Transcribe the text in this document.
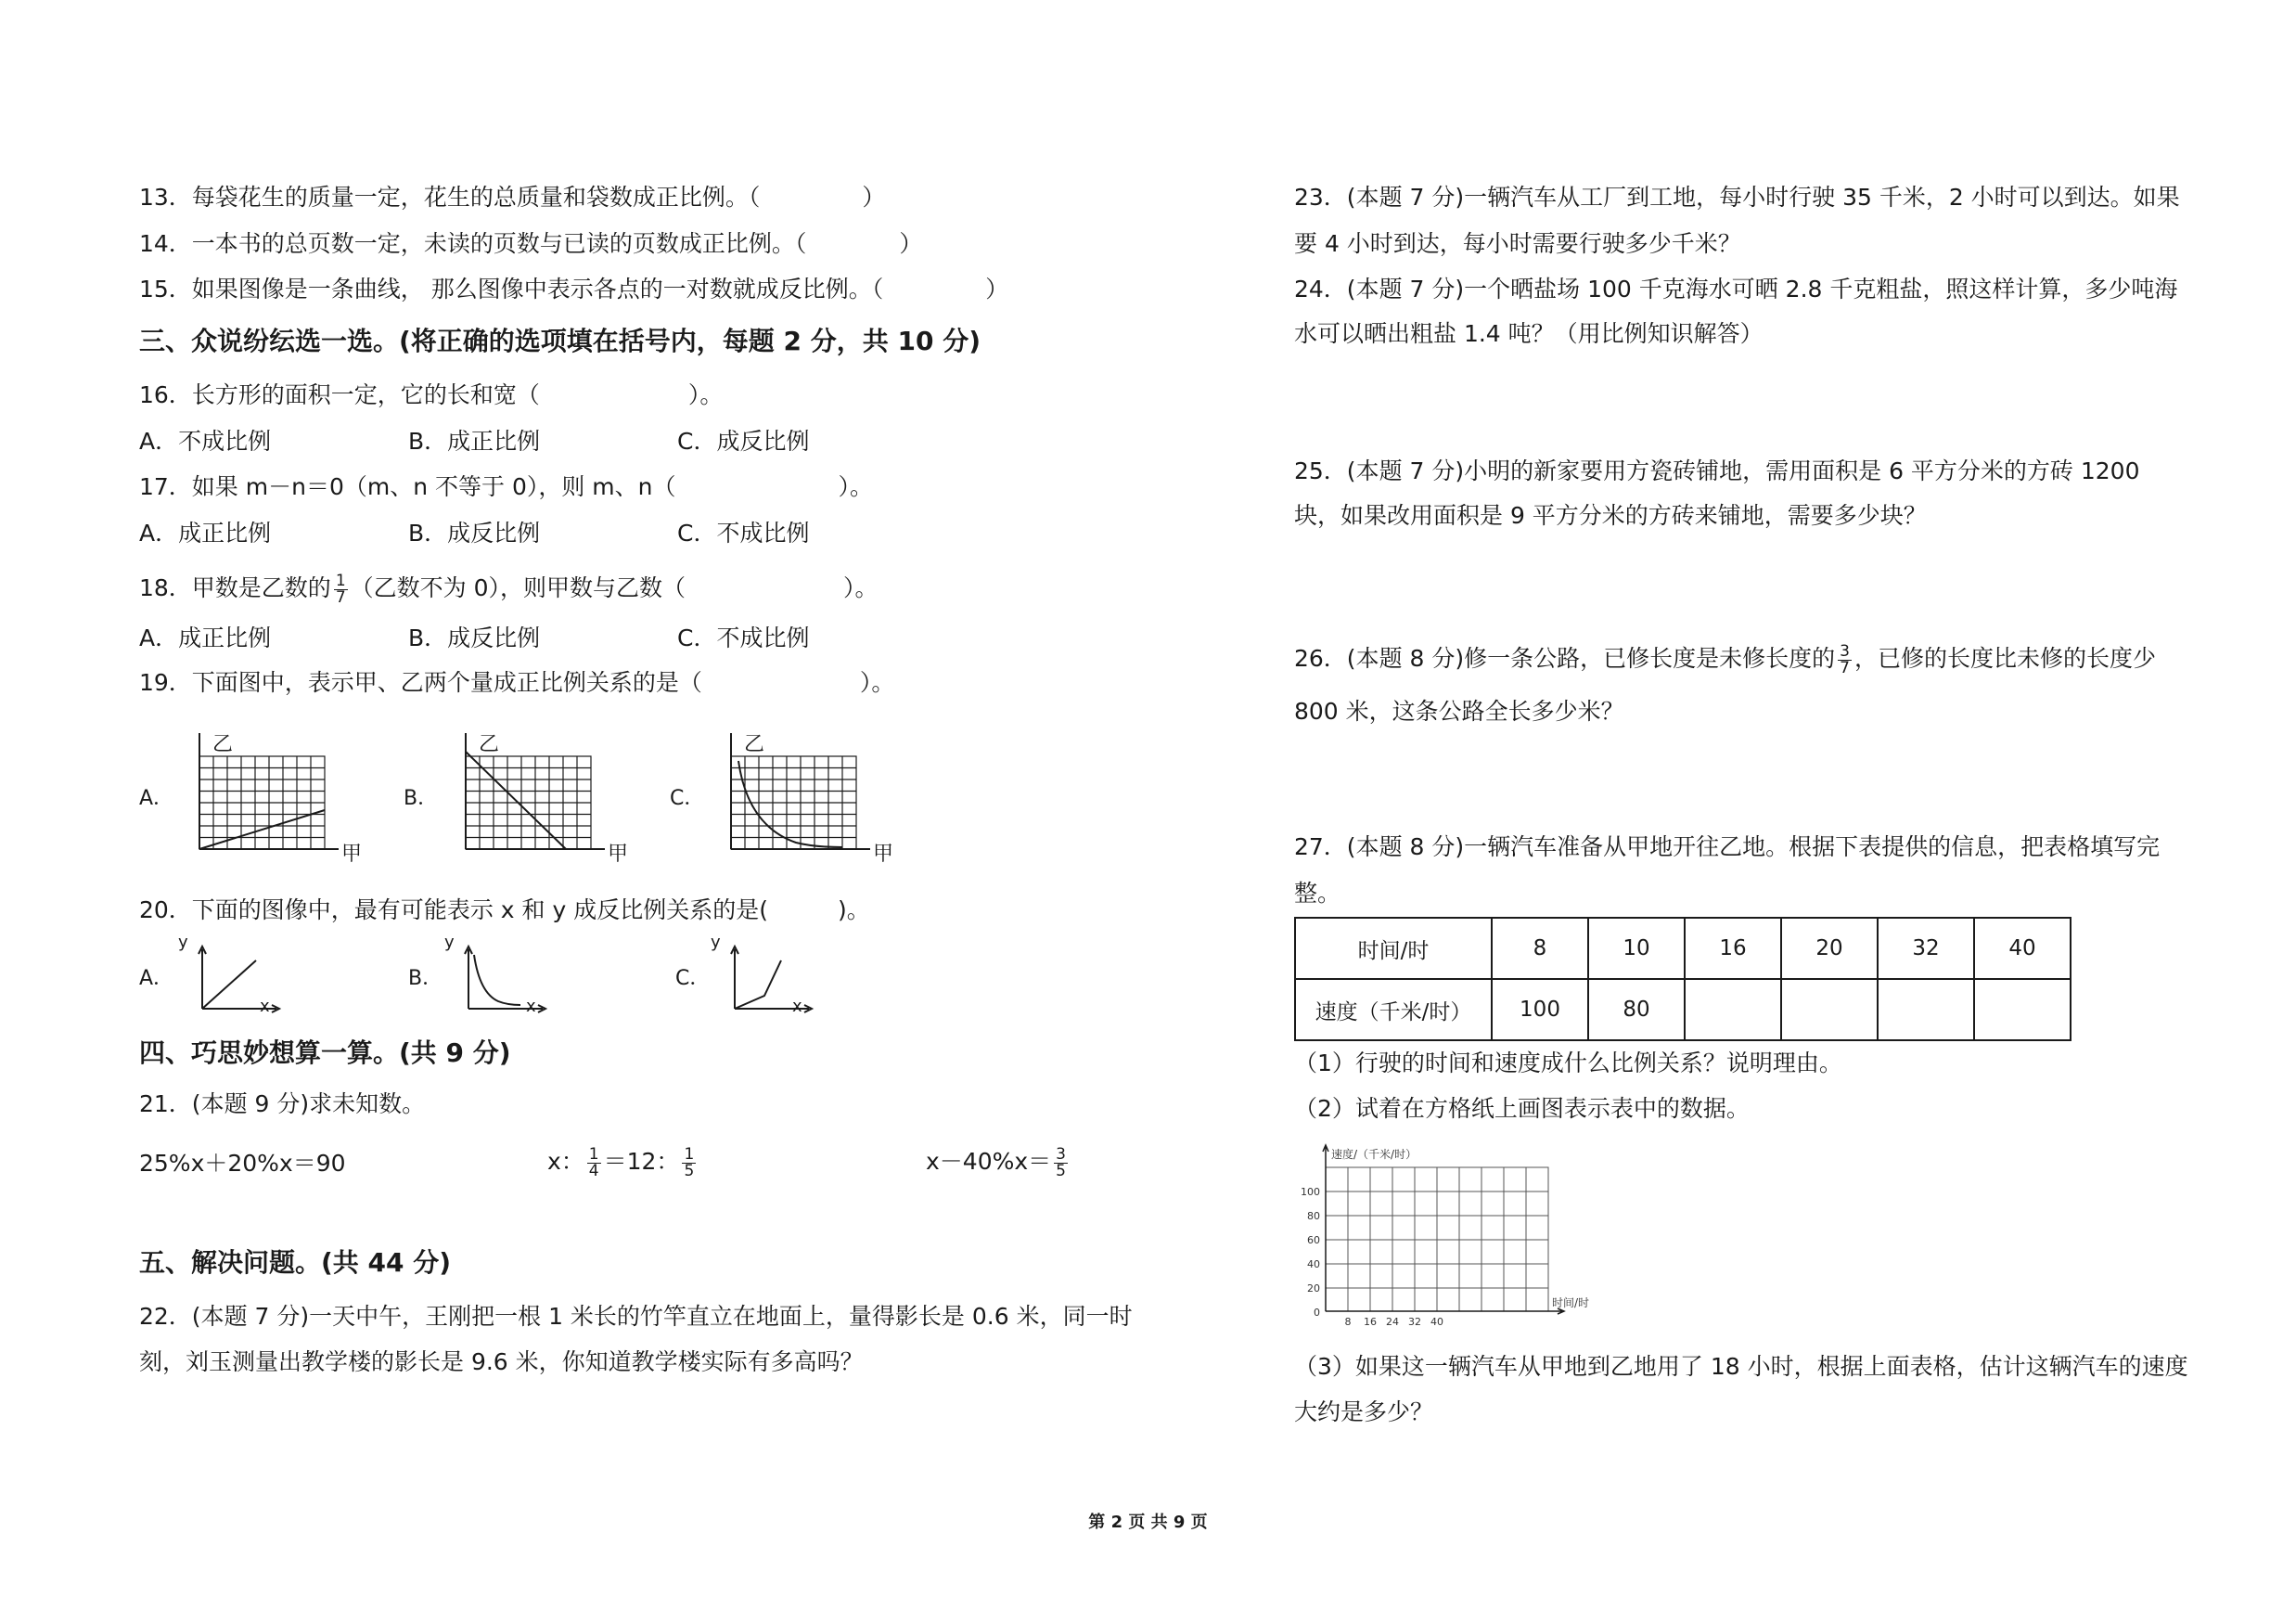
13．每袋花生的质量一定，花生的总质量和袋数成正比例。（	）
14．一本书的总页数一定，未读的页数与已读的页数成正比例。（	）
15．如果图像是一条曲线， 那么图像中表示各点的一对数就成反比例。（	）
三、众说纷纭选一选。(将正确的选项填在括号内，每题 2 分，共 10 分)
16．长方形的面积一定，它的长和宽（	）。
A．不成比例	B．成正比例	C．成反比例
17．如果 m－n＝0（m、n 不等于 0），则 m、n（	）。
A．成正比例	B．成反比例	C．不成比例
18．甲数是乙数的 $\frac{1}{7}$ （乙数不为 0），则甲数与乙数（	）。
A．成正比例	B．成反比例	C．不成比例
19．下面图中，表示甲、乙两个量成正比例关系的是（	）。
A．	B．	C．
乙
甲
乙
甲
乙
甲
20．下面的图像中，最有可能表示 x 和 y 成反比例关系的是(	)。
A．	B．	C．
y
x
y
x
y
x
四、巧思妙想算一算。(共 9 分)
21．(本题 9 分)求未知数。
25%x＋20%x＝90	x： $\frac{1}{4} =12$： $\frac{1}{5}$	$x-40\%x= \frac{3}{5}$
五、解决问题。(共 44 分)
22．(本题 7 分)一天中午，王刚把一根 1 米长的竹竿直立在地面上，量得影长是 0.6 米，同一时
刻，刘玉测量出教学楼的影长是 9.6 米，你知道教学楼实际有多高吗？
23．(本题 7 分)一辆汽车从工厂到工地，每小时行驶 35 千米，2 小时可以到达。如果
要 4 小时到达，每小时需要行驶多少千米？
24．(本题 7 分)一个晒盐场 100 千克海水可晒 2.8 千克粗盐，照这样计算，多少吨海
水可以晒出粗盐 1.4 吨？（用比例知识解答）
25．(本题 7 分)小明的新家要用方瓷砖铺地，需用面积是 6 平方分米的方砖 1200
块，如果改用面积是 9 平方分米的方砖来铺地，需要多少块？
26．(本题 8 分)修一条公路，已修长度是未修长度的 $\frac{3}{7}$ ，已修的长度比未修的长度少
800 米，这条公路全长多少米？
27．(本题 8 分)一辆汽车准备从甲地开往乙地。根据下表提供的信息，把表格填写完
整。
时间/时	8	10	16	20	32	40
速度（千米/时）	100	80				
（1）行驶的时间和速度成什么比例关系？说明理由。
（2）试着在方格纸上画图表示表中的数据。
100
80
60
40
20
0
8 16 24 32 40
速度/（千米/时）
时间/时
（3）如果这一辆汽车从甲地到乙地用了 18 小时，根据上面表格，估计这辆汽车的速度
大约是多少？
第 2 页 共 9 页
